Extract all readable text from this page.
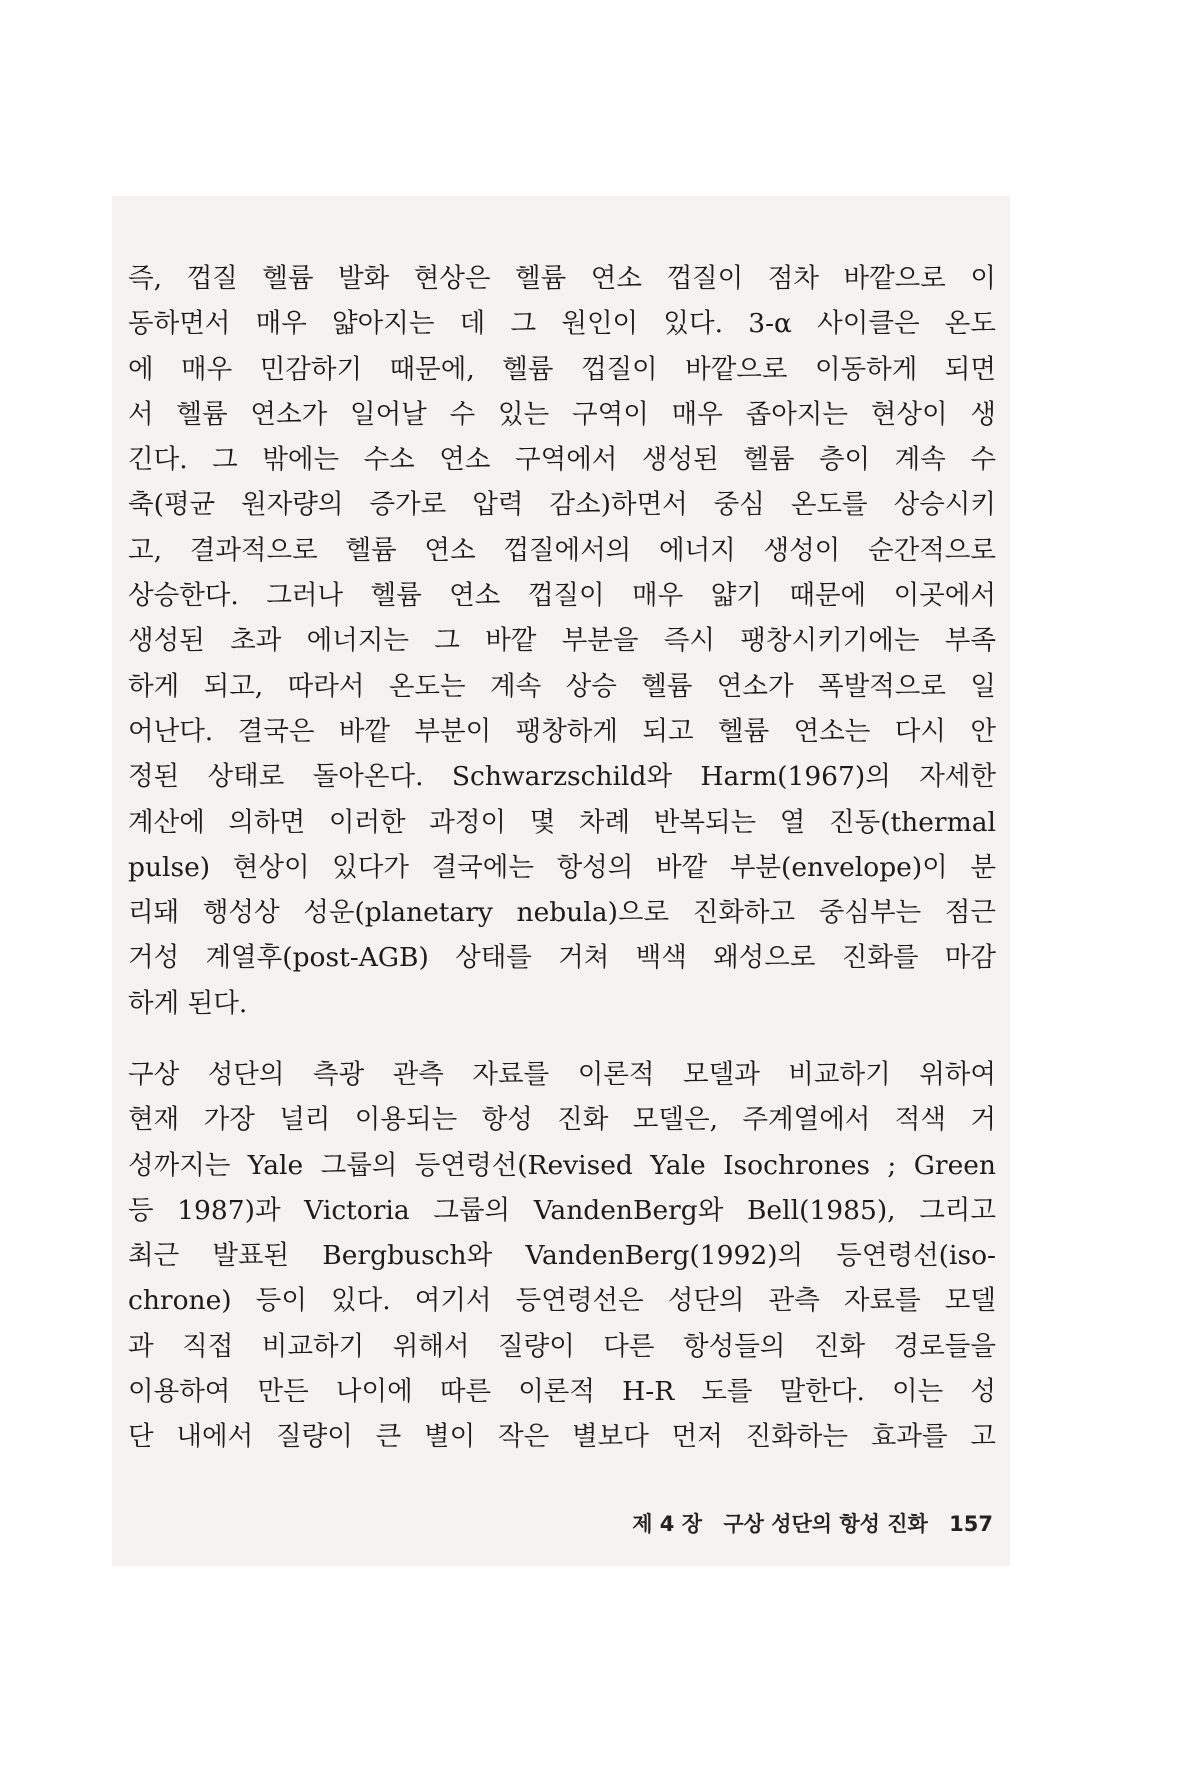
즉, 껍질 헬륨 발화 현상은 헬륨 연소 껍질이 점차 바깥으로 이
동하면서 매우 얇아지는 데 그 원인이 있다. 3-α 사이클은 온도
에 매우 민감하기 때문에, 헬륨 껍질이 바깥으로 이동하게 되면
서 헬륨 연소가 일어날 수 있는 구역이 매우 좁아지는 현상이 생
긴다. 그 밖에는 수소 연소 구역에서 생성된 헬륨 층이 계속 수
축(평균 원자량의 증가로 압력 감소)하면서 중심 온도를 상승시키
고, 결과적으로 헬륨 연소 껍질에서의 에너지 생성이 순간적으로
상승한다. 그러나 헬륨 연소 껍질이 매우 얇기 때문에 이곳에서
생성된 초과 에너지는 그 바깥 부분을 즉시 팽창시키기에는 부족
하게 되고, 따라서 온도는 계속 상승 헬륨 연소가 폭발적으로 일
어난다. 결국은 바깥 부분이 팽창하게 되고 헬륨 연소는 다시 안
정된 상태로 돌아온다. Schwarzschild와 Harm(1967)의 자세한
계산에 의하면 이러한 과정이 몇 차례 반복되는 열 진동(thermal
pulse) 현상이 있다가 결국에는 항성의 바깥 부분(envelope)이 분
리돼 행성상 성운(planetary nebula)으로 진화하고 중심부는 점근
거성 계열후(post-AGB) 상태를 거쳐 백색 왜성으로 진화를 마감
하게 된다.
구상 성단의 측광 관측 자료를 이론적 모델과 비교하기 위하여
현재 가장 널리 이용되는 항성 진화 모델은, 주계열에서 적색 거
성까지는 Yale 그룹의 등연령선(Revised Yale Isochrones ; Green
등 1987)과 Victoria 그룹의 VandenBerg와 Bell(1985), 그리고
최근 발표된 Bergbusch와 VandenBerg(1992)의 등연령선(iso-
chrone) 등이 있다. 여기서 등연령선은 성단의 관측 자료를 모델
과 직접 비교하기 위해서 질량이 다른 항성들의 진화 경로들을
이용하여 만든 나이에 따른 이론적 H-R 도를 말한다. 이는 성
단 내에서 질량이 큰 별이 작은 별보다 먼저 진화하는 효과를 고
제 4 장 구상 성단의 항성 진화 157
